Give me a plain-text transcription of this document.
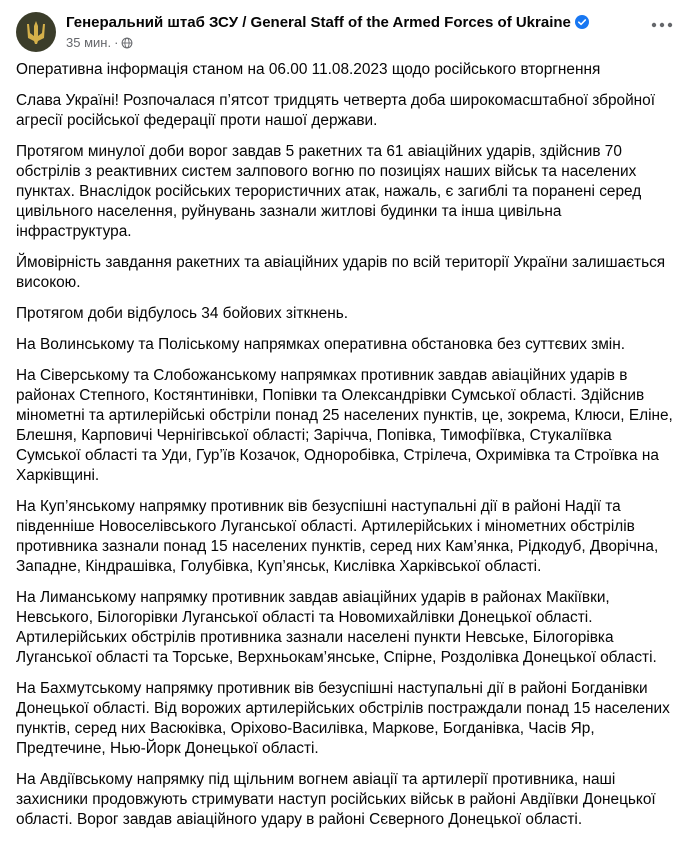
Генеральний штаб ЗСУ / General Staff of the Armed Forces of Ukraine
35 мин. ·

Оперативна інформація станом на 06.00 11.08.2023 щодо російського вторгнення

Слава Україні! Розпочалася п’ятсот тридцять четверта доба широкомасштабної збройної агресії російської федерації проти нашої держави.

Протягом минулої доби ворог завдав 5 ракетних та 61 авіаційних ударів, здійснив 70 обстрілів з реактивних систем залпового вогню по позиціях наших військ та населених пунктах. Внаслідок російських терористичних атак, нажаль, є загиблі та поранені серед цивільного населення, руйнувань зазнали житлові будинки та інша цивільна інфраструктура.

Ймовірність завдання ракетних та авіаційних ударів по всій території України залишається високою.

Протягом доби відбулось 34 бойових зіткнень.

На Волинському та Поліському напрямках оперативна обстановка без суттєвих змін.

На Сіверському та Слобожанському напрямках противник завдав авіаційних ударів в районах Степного, Костянтинівки, Попівки та Олександрівки Сумської області. Здійснив мінометні та артилерійські обстріли понад 25 населених пунктів, це, зокрема, Клюси, Еліне, Блешня, Карповичі Чернігівської області; Зарічча, Попівка, Тимофіївка, Стукаліївка Сумської області та Уди, Гур’їв Козачок, Одноробівка, Стрілеча, Охримівка та Строївка на Харківщині.

На Куп’янському напрямку противник вів безуспішні наступальні дії в районі Надії та південніше Новоселівського Луганської області. Артилерійських і мінометних обстрілів противника зазнали понад 15 населених пунктів, серед них Кам’янка, Рідкодуб, Дворічна, Западне, Кіндрашівка, Голубівка, Куп’янськ, Кислівка Харківської області.

На Лиманському напрямку противник завдав авіаційних ударів в районах Макіївки, Невського, Білогорівки Луганської області та Новомихайлівки Донецької області. Артилерійських обстрілів противника зазнали населені пункти Невське, Білогорівка Луганської області та Торське, Верхньокам’янське, Спірне, Роздолівка Донецької області.

На Бахмутському напрямку противник вів безуспішні наступальні дії в районі Богданівки Донецької області. Від ворожих артилерійських обстрілів постраждали понад 15 населених пунктів, серед них Васюківка, Оріхово-Василівка, Маркове, Богданівка, Часів Яр, Предтечине, Нью-Йорк Донецької області.

На Авдіївському напрямку під щільним вогнем авіації та артилерії противника, наші захисники продовжують стримувати наступ російських військ в районі Авдіївки Донецької області. Ворог завдав авіаційного удару в районі Сєверного Донецької області.
